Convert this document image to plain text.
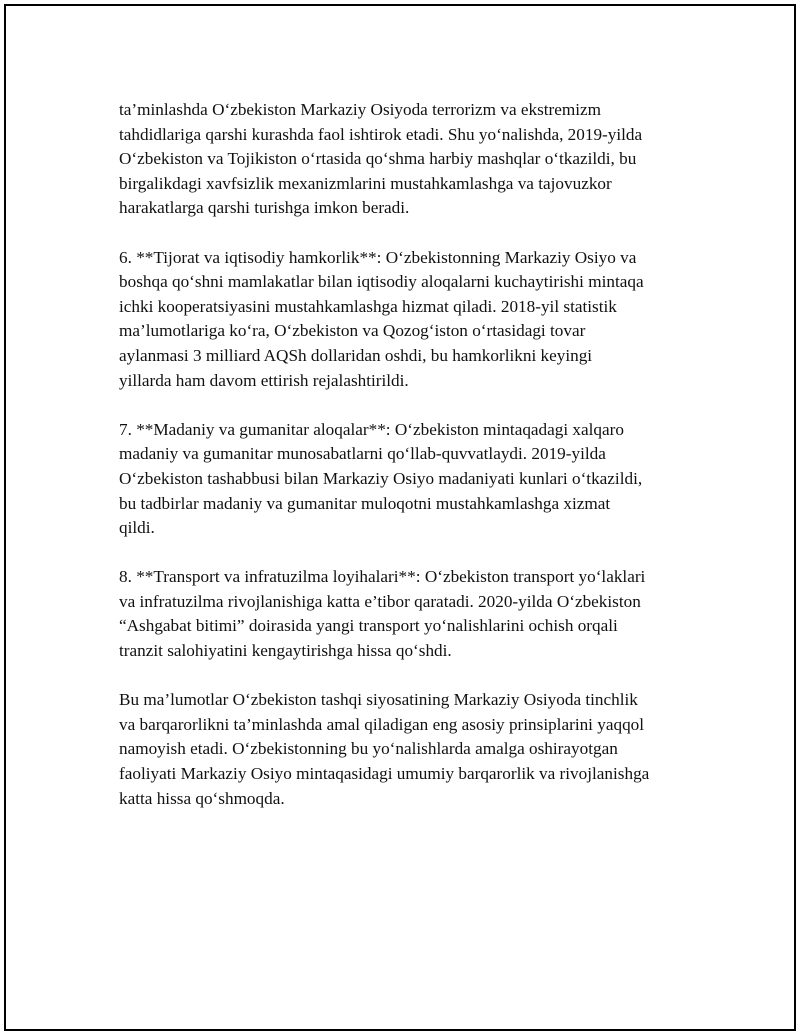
ta’minlashda O‘zbekiston Markaziy Osiyoda terrorizm va ekstremizm
tahdidlariga qarshi kurashda faol ishtirok etadi. Shu yo‘nalishda, 2019-yilda
O‘zbekiston va Tojikiston o‘rtasida qo‘shma harbiy mashqlar o‘tkazildi, bu
birgalikdagi xavfsizlik mexanizmlarini mustahkamlashga va tajovuzkor
harakatlarga qarshi turishga imkon beradi.

6. **Tijorat va iqtisodiy hamkorlik**: O‘zbekistonning Markaziy Osiyo va
boshqa qo‘shni mamlakatlar bilan iqtisodiy aloqalarni kuchaytirishi mintaqa
ichki kooperatsiyasini mustahkamlashga hizmat qiladi. 2018-yil statistik
ma’lumotlariga ko‘ra, O‘zbekiston va Qozog‘iston o‘rtasidagi tovar
aylanmasi 3 milliard AQSh dollaridan oshdi, bu hamkorlikni keyingi
yillarda ham davom ettirish rejalashtirildi.

7. **Madaniy va gumanitar aloqalar**: O‘zbekiston mintaqadagi xalqaro
madaniy va gumanitar munosabatlarni qo‘llab-quvvatlaydi. 2019-yilda
O‘zbekiston tashabbusi bilan Markaziy Osiyo madaniyati kunlari o‘tkazildi,
bu tadbirlar madaniy va gumanitar muloqotni mustahkamlashga xizmat
qildi.

8. **Transport va infratuzilma loyihalari**: O‘zbekiston transport yo‘laklari
va infratuzilma rivojlanishiga katta e’tibor qaratadi. 2020-yilda O‘zbekiston
“Ashgabat bitimi” doirasida yangi transport yo‘nalishlarini ochish orqali
tranzit salohiyatini kengaytirishga hissa qo‘shdi.

Bu ma’lumotlar O‘zbekiston tashqi siyosatining Markaziy Osiyoda tinchlik
va barqarorlikni ta’minlashda amal qiladigan eng asosiy prinsiplarini yaqqol
namoyish etadi. O‘zbekistonning bu yo‘nalishlarda amalga oshirayotgan
faoliyati Markaziy Osiyo mintaqasidagi umumiy barqarorlik va rivojlanishga
katta hissa qo‘shmoqda.
